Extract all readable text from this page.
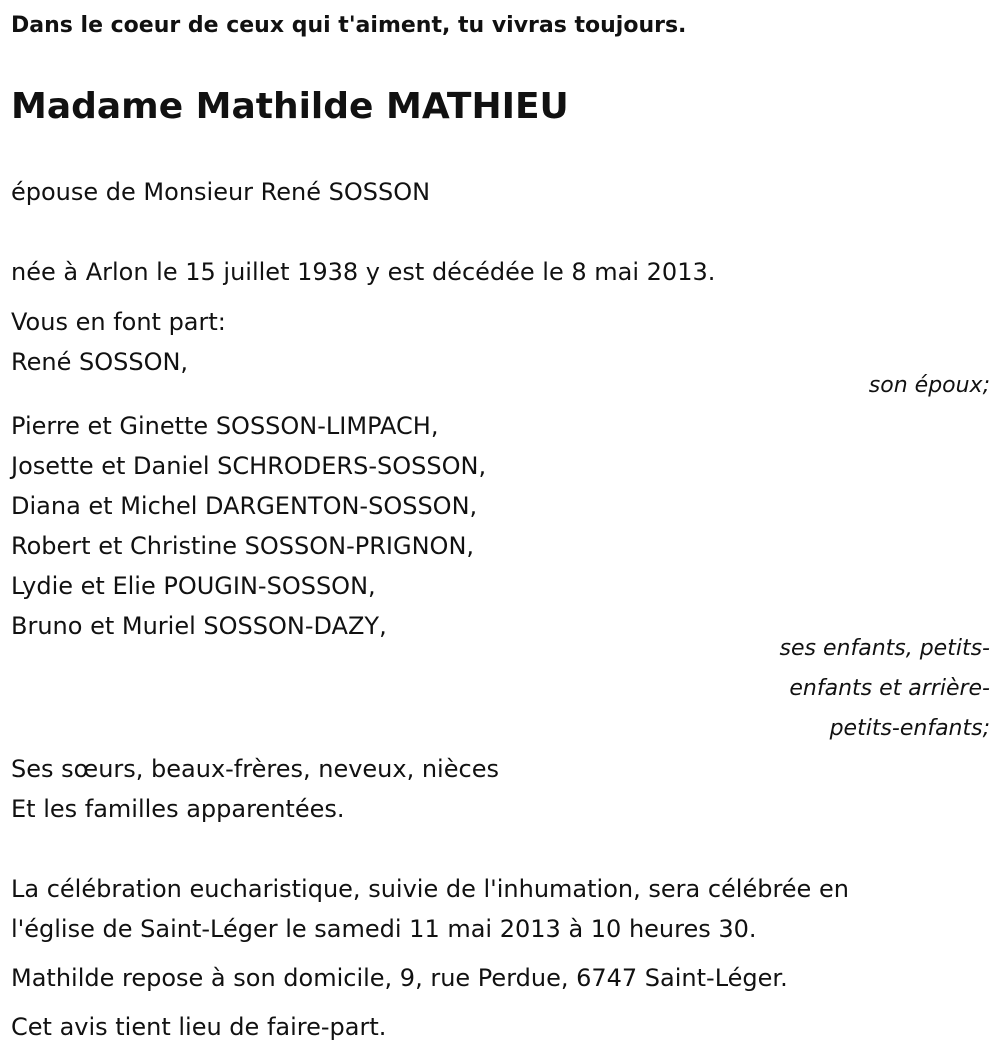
Dans le coeur de ceux qui t'aiment, tu vivras toujours.
Madame Mathilde MATHIEU
épouse de Monsieur René SOSSON
née à Arlon le 15 juillet 1938 y est décédée le 8 mai 2013.
Vous en font part:
René SOSSON,
son époux;
Pierre et Ginette SOSSON-LIMPACH,
Josette et Daniel SCHRODERS-SOSSON,
Diana et Michel DARGENTON-SOSSON,
Robert et Christine SOSSON-PRIGNON,
Lydie et Elie POUGIN-SOSSON,
Bruno et Muriel SOSSON-DAZY,
ses enfants, petits-
enfants et arrière-
petits-enfants;
Ses sœurs, beaux-frères, neveux, nièces
Et les familles apparentées.
La célébration eucharistique, suivie de l'inhumation, sera célébrée en
l'église de Saint-Léger le samedi 11 mai 2013 à 10 heures 30.
Mathilde repose à son domicile, 9, rue Perdue, 6747 Saint-Léger.
Cet avis tient lieu de faire-part.
